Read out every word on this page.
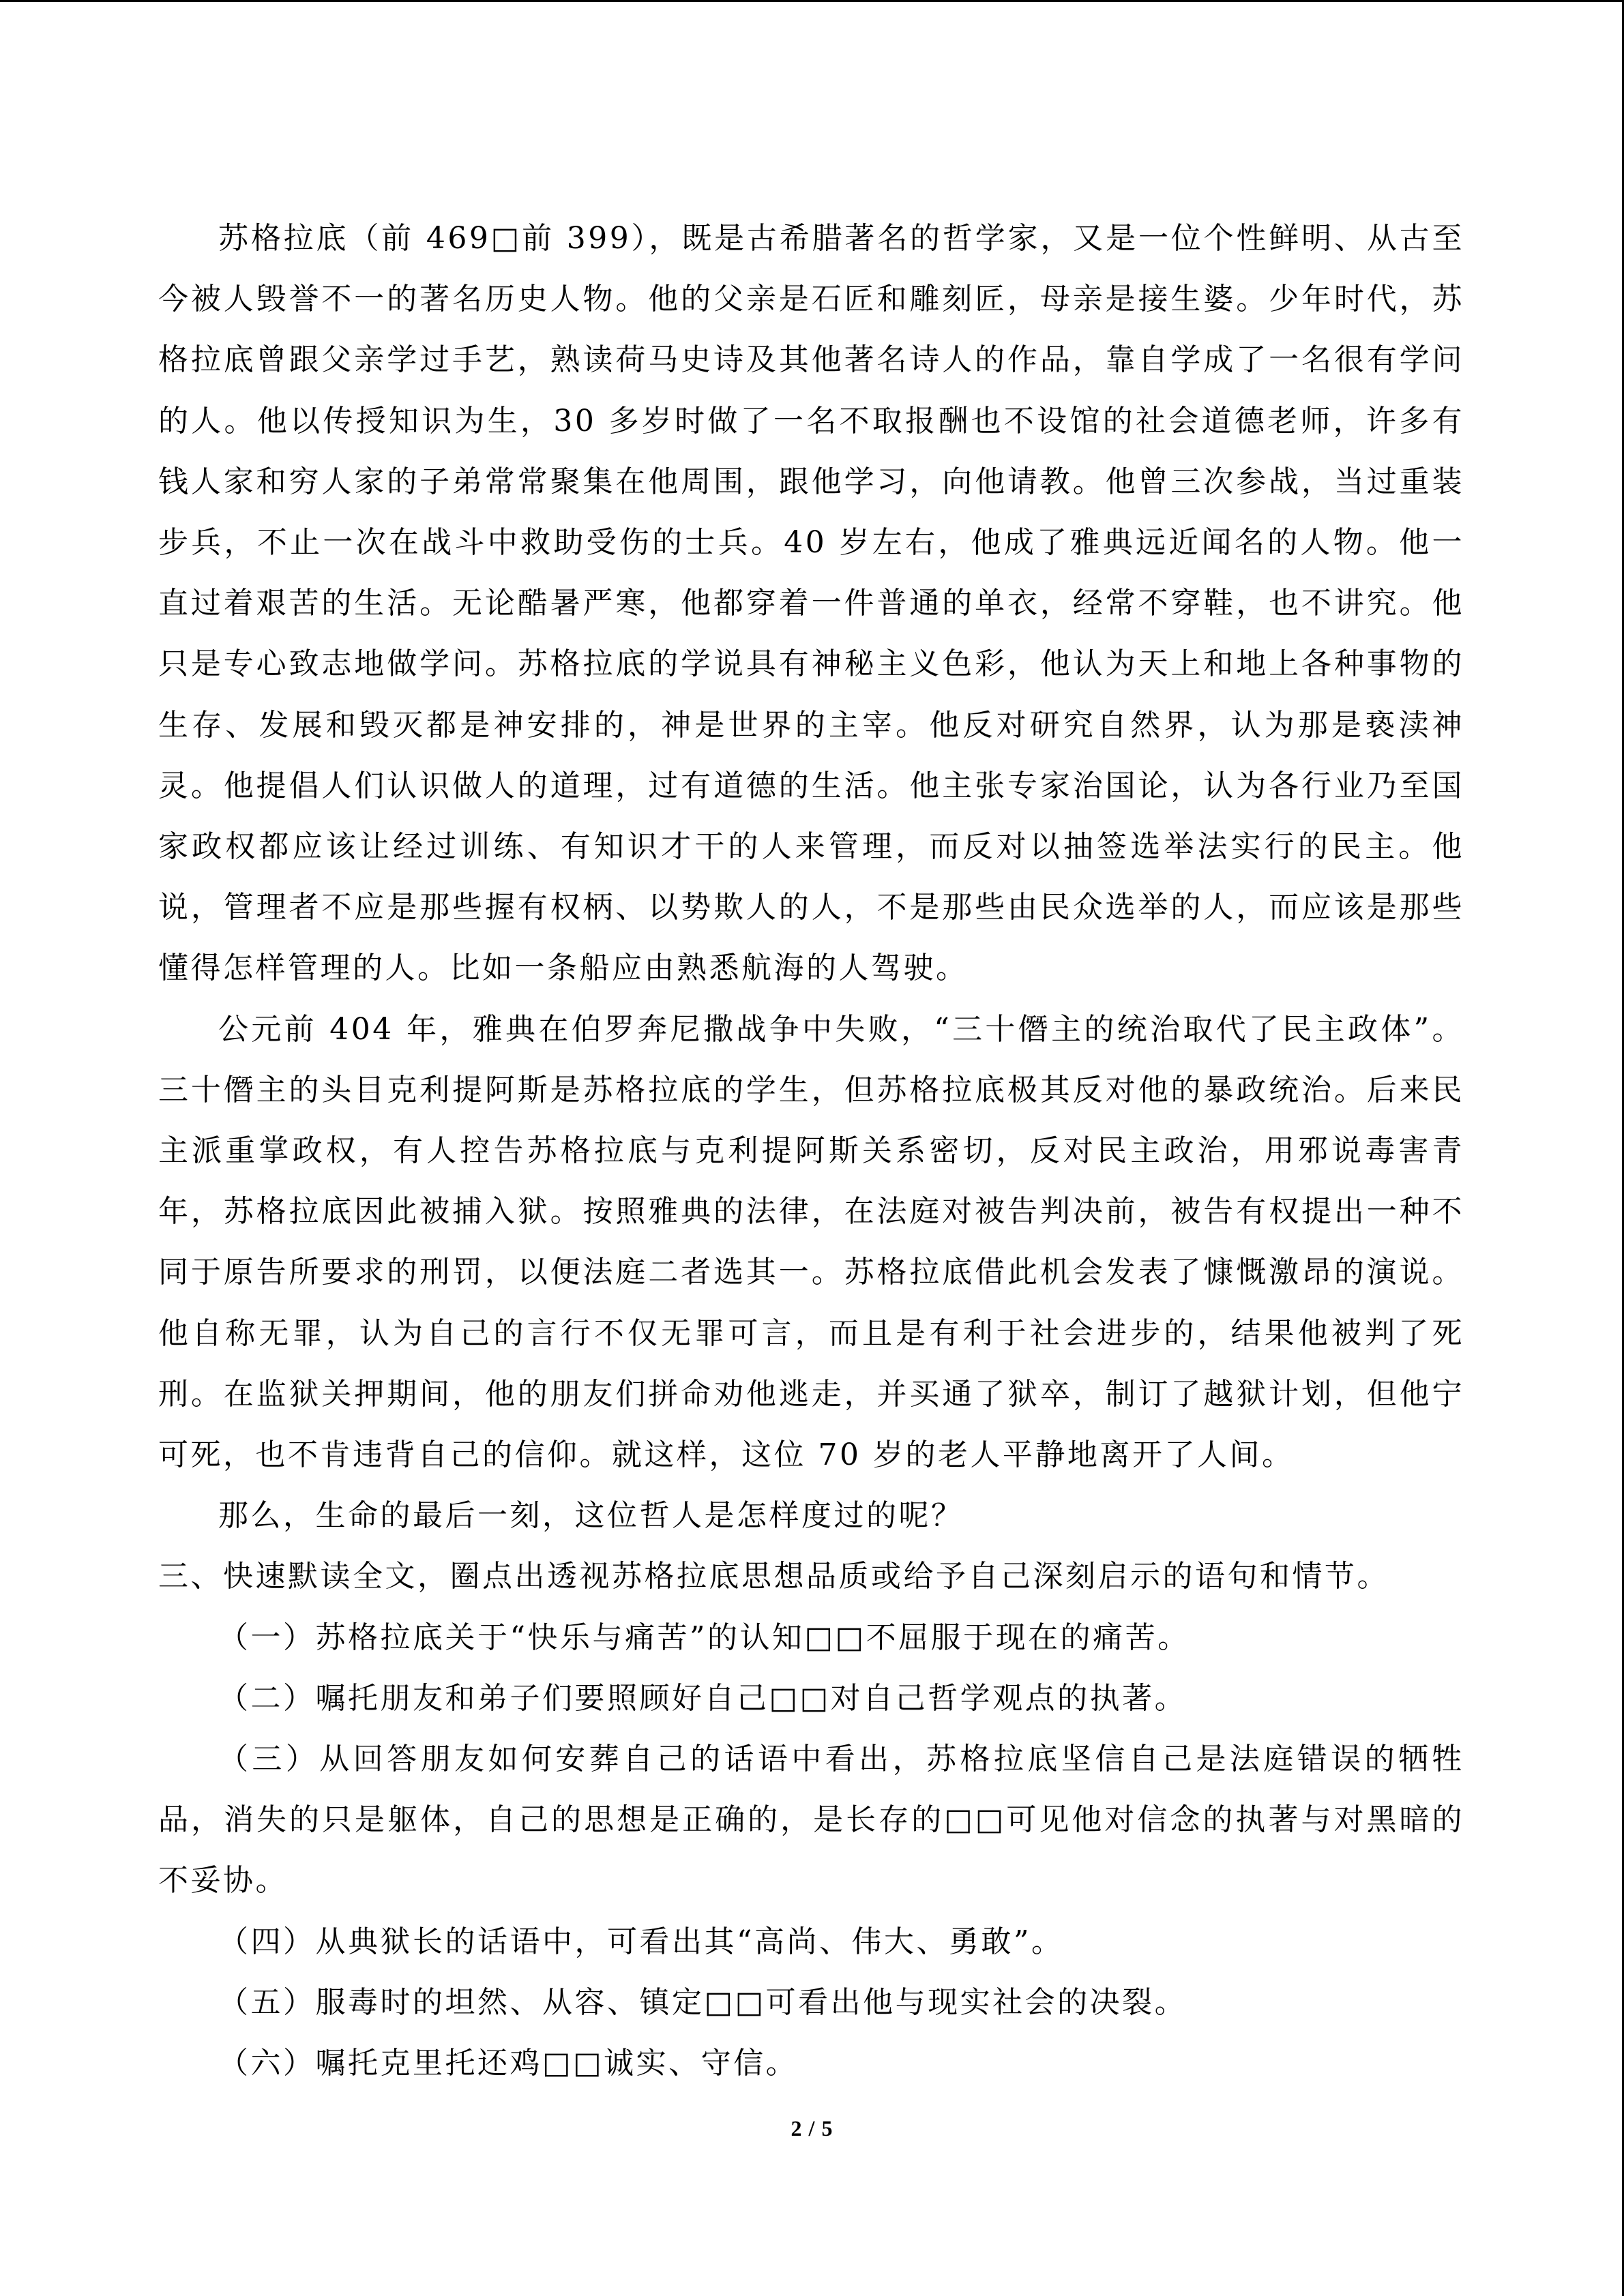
苏格拉底（前 469□前 399），既是古希腊著名的哲学家，又是一位个性鲜明、从古至今被人毁誉不一的著名历史人物。他的父亲是石匠和雕刻匠，母亲是接生婆。少年时代，苏格拉底曾跟父亲学过手艺，熟读荷马史诗及其他著名诗人的作品，靠自学成了一名很有学问的人。他以传授知识为生，30 多岁时做了一名不取报酬也不设馆的社会道德老师，许多有钱人家和穷人家的子弟常常聚集在他周围，跟他学习，向他请教。他曾三次参战，当过重装步兵，不止一次在战斗中救助受伤的士兵。40 岁左右，他成了雅典远近闻名的人物。他一直过着艰苦的生活。无论酷暑严寒，他都穿着一件普通的单衣，经常不穿鞋，也不讲究。他只是专心致志地做学问。苏格拉底的学说具有神秘主义色彩，他认为天上和地上各种事物的生存、发展和毁灭都是神安排的，神是世界的主宰。他反对研究自然界，认为那是亵渎神灵。他提倡人们认识做人的道理，过有道德的生活。他主张专家治国论，认为各行业乃至国家政权都应该让经过训练、有知识才干的人来管理，而反对以抽签选举法实行的民主。他说，管理者不应是那些握有权柄、以势欺人的人，不是那些由民众选举的人，而应该是那些懂得怎样管理的人。比如一条船应由熟悉航海的人驾驶。

公元前 404 年，雅典在伯罗奔尼撒战争中失败，“三十僭主的统治取代了民主政体”。三十僭主的头目克利提阿斯是苏格拉底的学生，但苏格拉底极其反对他的暴政统治。后来民主派重掌政权，有人控告苏格拉底与克利提阿斯关系密切，反对民主政治，用邪说毒害青年，苏格拉底因此被捕入狱。按照雅典的法律，在法庭对被告判决前，被告有权提出一种不同于原告所要求的刑罚，以便法庭二者选其一。苏格拉底借此机会发表了慷慨激昂的演说。他自称无罪，认为自己的言行不仅无罪可言，而且是有利于社会进步的，结果他被判了死刑。在监狱关押期间，他的朋友们拼命劝他逃走，并买通了狱卒，制订了越狱计划，但他宁可死，也不肯违背自己的信仰。就这样，这位 70 岁的老人平静地离开了人间。

那么，生命的最后一刻，这位哲人是怎样度过的呢？

三、快速默读全文，圈点出透视苏格拉底思想品质或给予自己深刻启示的语句和情节。

（一）苏格拉底关于“快乐与痛苦”的认知□□不屈服于现在的痛苦。

（二）嘱托朋友和弟子们要照顾好自己□□对自己哲学观点的执著。

（三）从回答朋友如何安葬自己的话语中看出，苏格拉底坚信自己是法庭错误的牺牲品，消失的只是躯体，自己的思想是正确的，是长存的□□可见他对信念的执著与对黑暗的不妥协。

（四）从典狱长的话语中，可看出其“高尚、伟大、勇敢”。

（五）服毒时的坦然、从容、镇定□□可看出他与现实社会的决裂。

（六）嘱托克里托还鸡□□诚实、守信。

2 / 5
